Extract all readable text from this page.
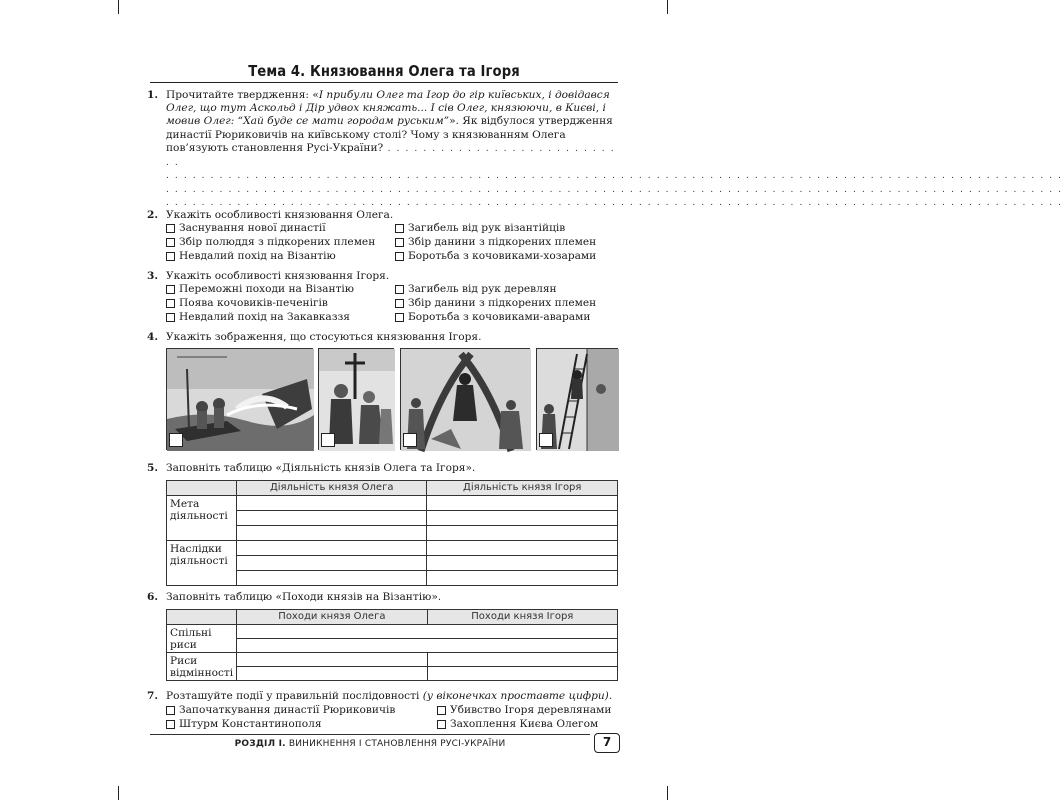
Тема 4. Князювання Олега та Ігоря
1. Прочитайте твердження: «І прибули Олег та Ігор до гір київських, і довідався Олег, що тут Аскольд і Дір удвох княжать... І сів Олег, князюючи, в Києві, і мовив Олег: “Хай буде се мати городам руським”». Як відбулося утвердження династії Рюриковичів на київському столі? Чому з князюванням Олега пов’язують становлення Русі-України? . . . . . . . . . . . . . . . . . . . . . . . . . . . .
. . . . . . . . . . . . . . . . . . . . . . . . . . . . . . . . . . . . . . . . . . . . . . . . . . . . . . . . . . . . . . . . . . . . . . . . . . . . . . . . . . . . . . . . . . . . . . . . . . . . .
. . . . . . . . . . . . . . . . . . . . . . . . . . . . . . . . . . . . . . . . . . . . . . . . . . . . . . . . . . . . . . . . . . . . . . . . . . . . . . . . . . . . . . . . . . . . . . . . . . . . .
. . . . . . . . . . . . . . . . . . . . . . . . . . . . . . . . . . . . . . . . . . . . . . . . . . . . . . . . . . . . . . . . . . . . . . . . . . . . . . . . . . . . . . . . . . . . . . . . . . . . .
2. Укажіть особливості князювання Олега.
Заснування нової династії
Збір полюддя з підкорених племен
Невдалий похід на Візантію
Загибель від рук візантійців
Збір данини з підкорених племен
Боротьба з кочовиками-хозарами
3. Укажіть особливості князювання Ігоря.
Переможні походи на Візантію
Поява кочовиків-печенігів
Невдалий похід на Закавказзя
Загибель від рук деревлян
Збір данини з підкорених племен
Боротьба з кочовиками-аварами
4. Укажіть зображення, що стосуються князювання Ігоря.
5. Заповніть таблицю «Діяльність князів Олега та Ігоря».
	Діяльність князя Олега	Діяльність князя Ігоря
Мета діяльності		

Наслідки діяльності		

6. Заповніть таблицю «Походи князів на Візантію».
	Походи князя Олега	Походи князя Ігоря
Спільні риси		

Риси відмінності		

7. Розташуйте події у правильній послідовності (у віконечках проставте цифри).
Започаткування династії Рюриковичів
Штурм Константинополя
Убивство Ігоря деревлянами
Захоплення Києва Олегом
РОЗДІЛ І. ВИНИКНЕННЯ І СТАНОВЛЕННЯ РУСІ-УКРАЇНИ	7
